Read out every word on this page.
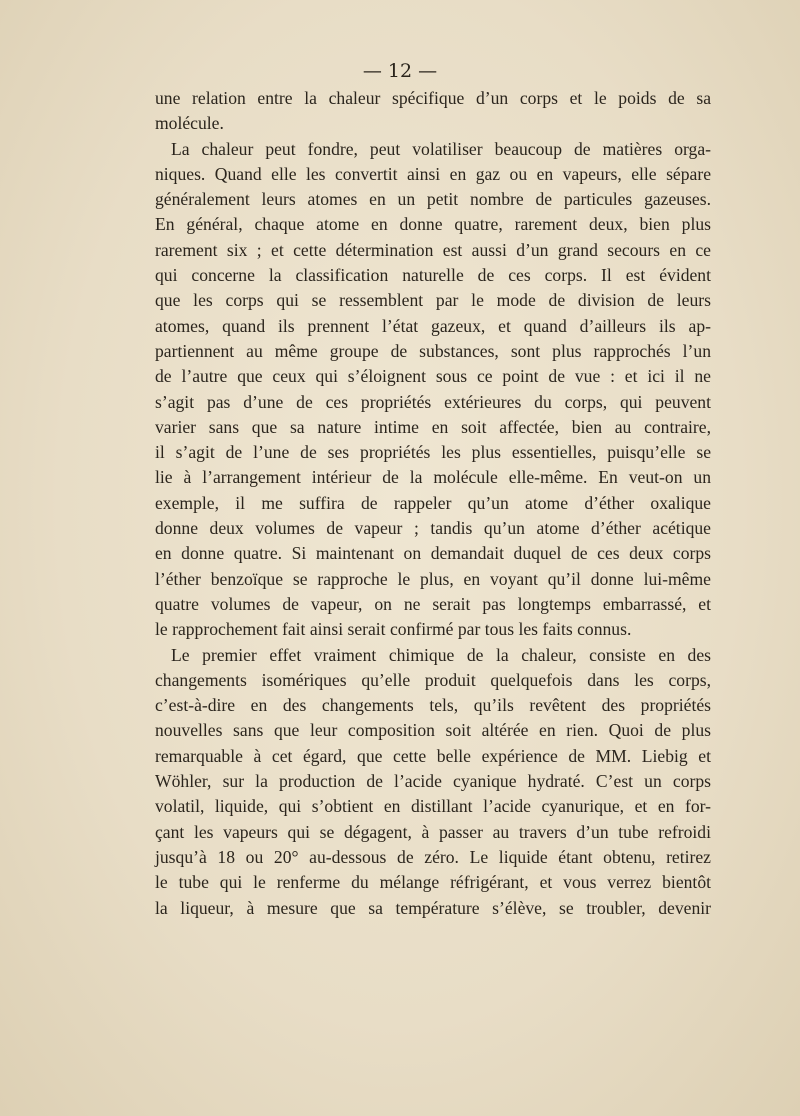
— 12 —
une relation entre la chaleur spécifique d’un corps et le poids de sa
molécule.
La chaleur peut fondre, peut volatiliser beaucoup de matières orga-
niques. Quand elle les convertit ainsi en gaz ou en vapeurs, elle sépare
généralement leurs atomes en un petit nombre de particules gazeuses.
En général, chaque atome en donne quatre, rarement deux, bien plus
rarement six ; et cette détermination est aussi d’un grand secours en ce
qui concerne la classification naturelle de ces corps. Il est évident
que les corps qui se ressemblent par le mode de division de leurs
atomes, quand ils prennent l’état gazeux, et quand d’ailleurs ils ap-
partiennent au même groupe de substances, sont plus rapprochés l’un
de l’autre que ceux qui s’éloignent sous ce point de vue : et ici il ne
s’agit pas d’une de ces propriétés extérieures du corps, qui peuvent
varier sans que sa nature intime en soit affectée, bien au contraire,
il s’agit de l’une de ses propriétés les plus essentielles, puisqu’elle se
lie à l’arrangement intérieur de la molécule elle-même. En veut-on un
exemple, il me suffira de rappeler qu’un atome d’éther oxalique
donne deux volumes de vapeur ; tandis qu’un atome d’éther acétique
en donne quatre. Si maintenant on demandait duquel de ces deux corps
l’éther benzoïque se rapproche le plus, en voyant qu’il donne lui-même
quatre volumes de vapeur, on ne serait pas longtemps embarrassé, et
le rapprochement fait ainsi serait confirmé par tous les faits connus.
Le premier effet vraiment chimique de la chaleur, consiste en des
changements isomériques qu’elle produit quelquefois dans les corps,
c’est-à-dire en des changements tels, qu’ils revêtent des propriétés
nouvelles sans que leur composition soit altérée en rien. Quoi de plus
remarquable à cet égard, que cette belle expérience de MM. Liebig et
Wöhler, sur la production de l’acide cyanique hydraté. C’est un corps
volatil, liquide, qui s’obtient en distillant l’acide cyanurique, et en for-
çant les vapeurs qui se dégagent, à passer au travers d’un tube refroidi
jusqu’à 18 ou 20° au-dessous de zéro. Le liquide étant obtenu, retirez
le tube qui le renferme du mélange réfrigérant, et vous verrez bientôt
la liqueur, à mesure que sa température s’élève, se troubler, devenir
